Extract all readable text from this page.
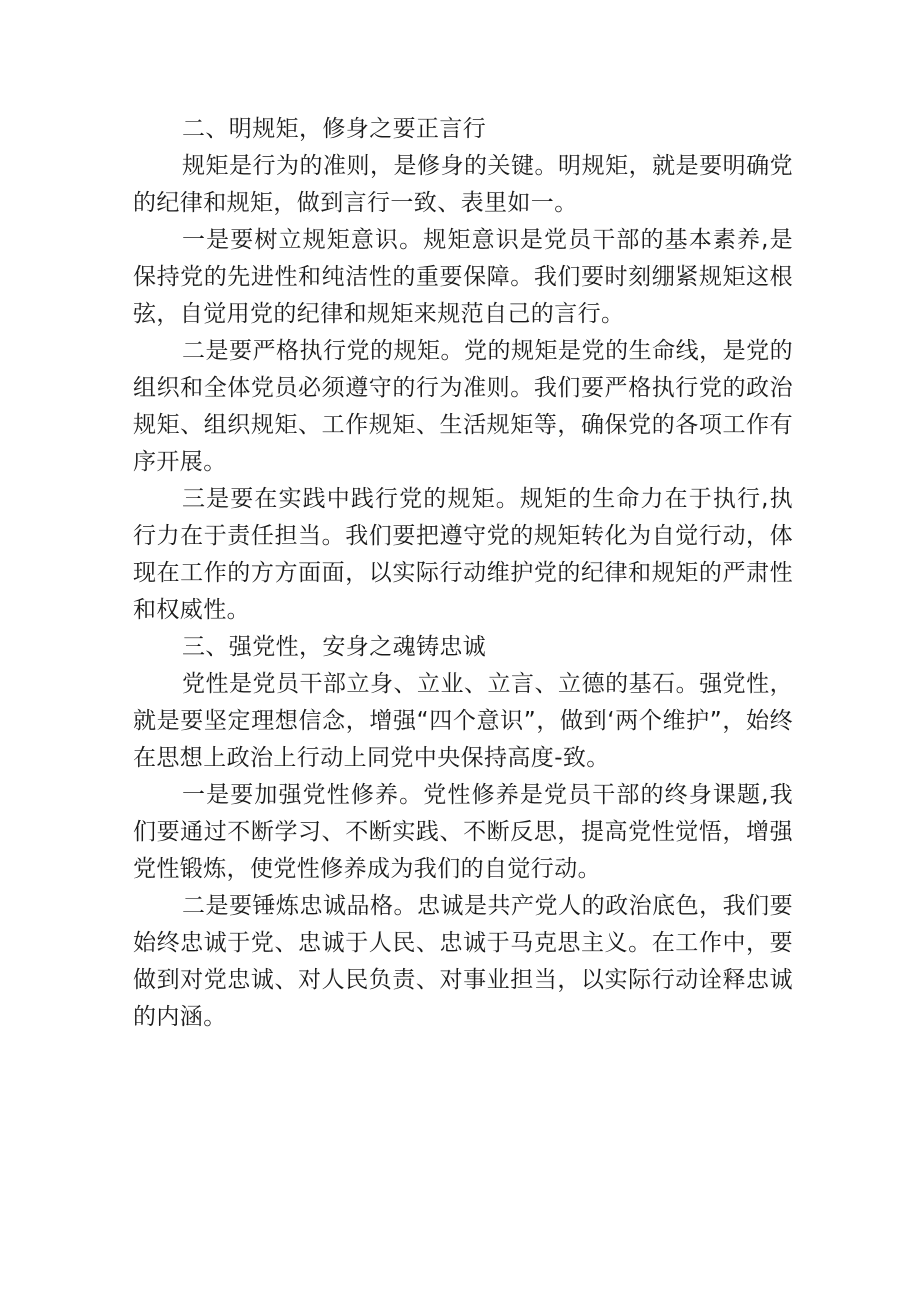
二、明规矩，修身之要正言行

规矩是行为的准则，是修身的关键。明规矩，就是要明确党的纪律和规矩，做到言行一致、表里如一。

一是要树立规矩意识。规矩意识是党员干部的基本素养,是保持党的先进性和纯洁性的重要保障。我们要时刻绷紧规矩这根弦，自觉用党的纪律和规矩来规范自己的言行。

二是要严格执行党的规矩。党的规矩是党的生命线，是党的组织和全体党员必须遵守的行为准则。我们要严格执行党的政治规矩、组织规矩、工作规矩、生活规矩等，确保党的各项工作有序开展。

三是要在实践中践行党的规矩。规矩的生命力在于执行,执行力在于责任担当。我们要把遵守党的规矩转化为自觉行动，体现在工作的方方面面，以实际行动维护党的纪律和规矩的严肃性和权威性。

三、强党性，安身之魂铸忠诚

党性是党员干部立身、立业、立言、立德的基石。强党性，就是要坚定理想信念，增强“四个意识”，做到‘两个维护”，始终在思想上政治上行动上同党中央保持高度-致。

一是要加强党性修养。党性修养是党员干部的终身课题,我们要通过不断学习、不断实践、不断反思，提高党性觉悟，增强党性锻炼，使党性修养成为我们的自觉行动。

二是要锤炼忠诚品格。忠诚是共产党人的政治底色，我们要始终忠诚于党、忠诚于人民、忠诚于马克思主义。在工作中，要做到对党忠诚、对人民负责、对事业担当，以实际行动诠释忠诚的内涵。
